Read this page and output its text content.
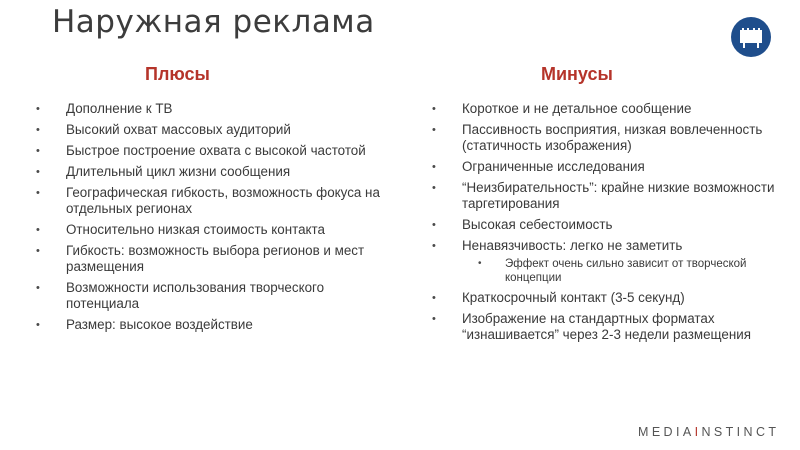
Наружная реклама
Плюсы	Минусы
• Дополнение к ТВ
• Высокий охват массовых аудиторий
• Быстрое построение охвата с высокой частотой
• Длительный цикл жизни сообщения
• Географическая гибкость, возможность фокуса на отдельных регионах
• Относительно низкая стоимость контакта
• Гибкость: возможность выбора регионов и мест размещения
• Возможности использования творческого потенциала
• Размер: высокое воздействие
• Короткое и не детальное сообщение
• Пассивность восприятия, низкая вовлеченность (статичность изображения)
• Ограниченные исследования
• “Неизбирательность”: крайне низкие возможности таргетирования
• Высокая себестоимость
• Ненавязчивость: легко не заметить
• Эффект очень сильно зависит от творческой концепции
• Краткосрочный контакт (3-5 секунд)
• Изображение на стандартных форматах “изнашивается” через 2-3 недели размещения
MEDIAINSTINCT
